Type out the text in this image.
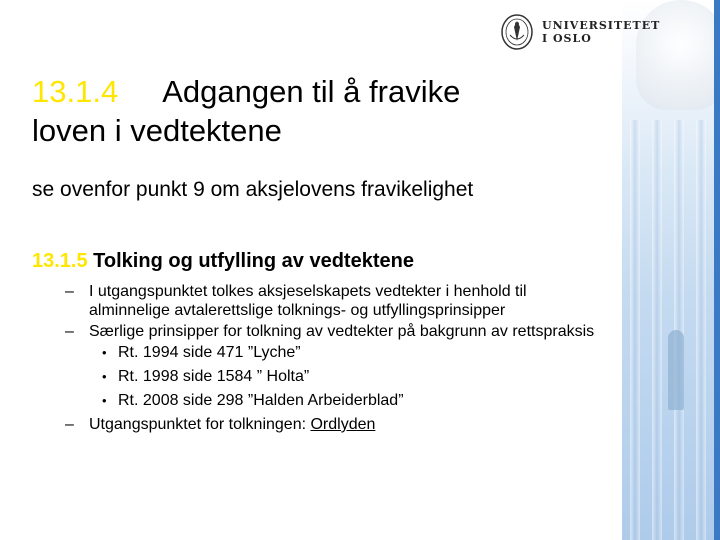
UNIVERSITETET
I OSLO
13.1.4 Adgangen til å fravike
loven i vedtektene
se ovenfor punkt 9 om aksjelovens fravikelighet
13.1.5 Tolking og utfylling av vedtektene
– I utgangspunktet tolkes aksjeselskapets vedtekter i henhold til alminnelige avtalerettslige tolknings- og utfyllingsprinsipper
– Særlige prinsipper for tolkning av vedtekter på bakgrunn av rettspraksis
• Rt. 1994 side 471 ”Lyche”
• Rt. 1998 side 1584 ” Holta”
• Rt. 2008 side 298 ”Halden Arbeiderblad”
– Utgangspunktet for tolkningen: Ordlyden
